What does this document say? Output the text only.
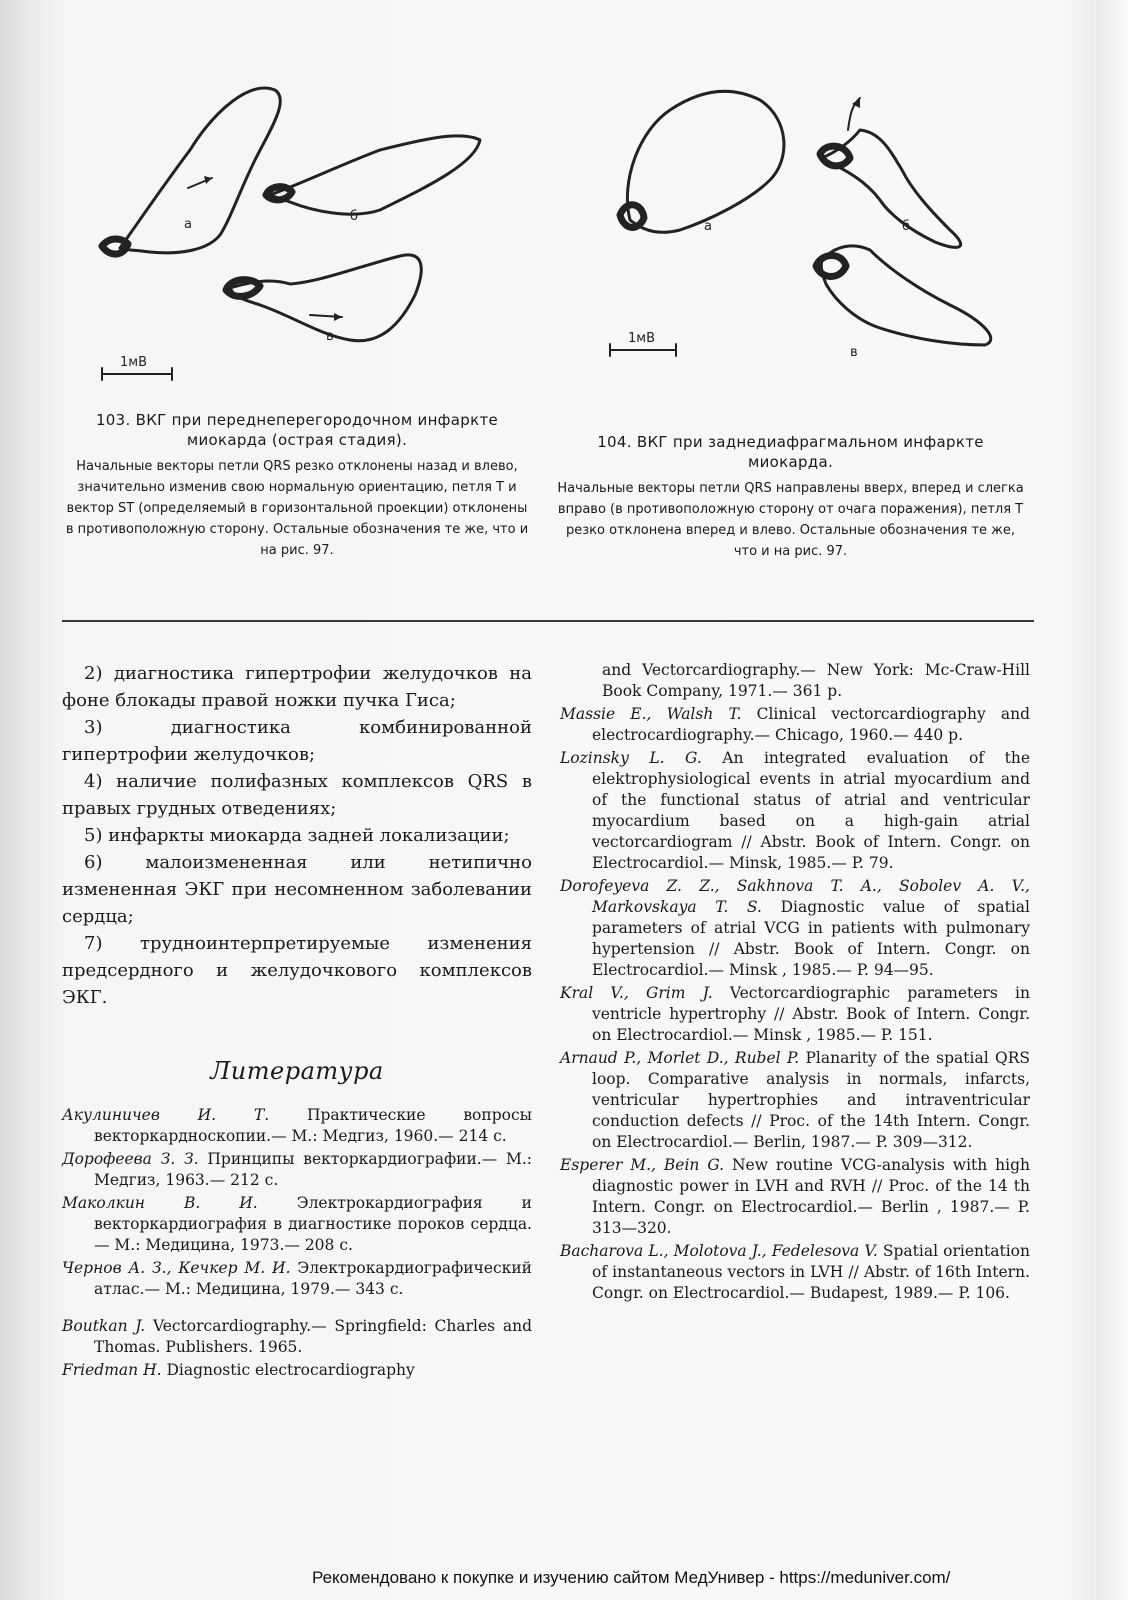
а
б
в
1мВ
а	б
в
1мВ
103. ВКГ при переднеперегородочном инфаркте миокарда (острая стадия).
Начальные векторы петли QRS резко отклонены назад и влево, значительно изменив свою нормальную ориентацию, петля T и вектор ST (определяемый в горизонтальной проекции) отклонены в противоположную сторону. Остальные обозначения те же, что и на рис. 97.
104. ВКГ при заднедиафрагмальном инфаркте миокарда.
Начальные векторы петли QRS направлены вверх, вперед и слегка вправо (в противоположную сторону от очага поражения), петля T резко отклонена вперед и влево. Остальные обозначения те же, что и на рис. 97.

2) диагностика гипертрофии желудочков на фоне блокады правой ножки пучка Гиса;

3) диагностика комбинированной гипертрофии желудочков;

4) наличие полифазных комплексов QRS в правых грудных отведениях;

5) инфаркты миокарда задней локализации;

6) малоизмененная или нетипично измененная ЭКГ при несомненном заболевании сердца;

7) трудноинтерпретируемые изменения предсердного и желудочкового комплексов ЭКГ.

Литература

Акулиничев И. Т. Практические вопросы векторкардноскопии.— М.: Медгиз, 1960.— 214 с.

Дорофеева З. З. Принципы векторкардиографии.— М.: Медгиз, 1963.— 212 с.

Маколкин В. И. Электрокардиография и векторкардиография в диагностике пороков сердца.— М.: Медицина, 1973.— 208 с.

Чернов А. З., Кечкер М. И. Электрокардиографический атлас.— М.: Медицина, 1979.— 343 с.

Boutkan J. Vectorcardiography.— Springfield: Charles and Thomas. Publishers. 1965.

Friedman H. Diagnostic electrocardiography

and Vectorcardiography.— New York: Mc-Craw-Hill Book Company, 1971.— 361 p.

Massie E., Walsh T. Clinical vectorcardiography and electrocardiography.— Chicago, 1960.— 440 p.

Lozinsky L. G. An integrated evaluation of the elektrophysiological events in atrial myocardium and of the functional status of atrial and ventricular myocardium based on a high-gain atrial vectorcardiogram // Abstr. Book of Intern. Congr. on Electrocardiol.— Minsk, 1985.— P. 79.

Dorofeyeva Z. Z., Sakhnova T. A., Sobolev A. V., Markovskaya T. S. Diagnostic value of spatial parameters of atrial VCG in patients with pulmonary hypertension // Abstr. Book of Intern. Congr. on Electrocardiol.— Minsk , 1985.— P. 94—95.

Kral V., Grim J. Vectorcardiographic parameters in ventricle hypertrophy // Abstr. Book of Intern. Congr. on Electrocardiol.— Minsk , 1985.— P. 151.

Arnaud P., Morlet D., Rubel P. Planarity of the spatial QRS loop. Comparative analysis in normals, infarcts, ventricular hypertrophies and intraventricular conduction defects // Proc. of the 14th Intern. Congr. on Electrocardiol.— Berlin, 1987.— P. 309—312.

Esperer M., Bein G. New routine VCG-analysis with high diagnostic power in LVH and RVH // Proc. of the 14 th Intern. Congr. on Electrocardiol.— Berlin , 1987.— P. 313—320.

Bacharova L., Molotova J., Fedelesova V. Spatial orientation of instantaneous vectors in LVH // Abstr. of 16th Intern. Congr. on Electrocardiol.— Budapest, 1989.— P. 106.

Рекомендовано к покупке и изучению сайтом МедУнивер - https://meduniver.com/
